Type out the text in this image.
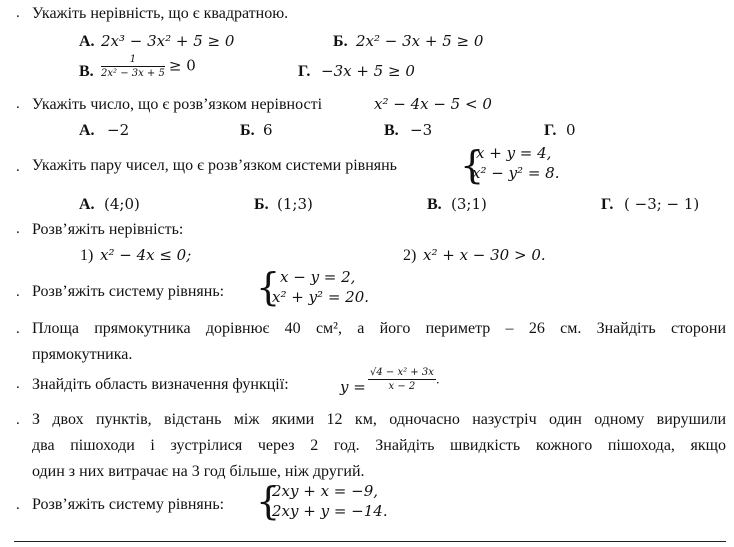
. Укажіть нерівність, що є квадратною.
А. 2x³ − 3x² + 5 ≥ 0	Б. 2x² − 3x + 5 ≥ 0
В. $\frac{1}{\text{2x² − 3x + 5}} \ge 0$	Г. −3x + 5 ≥ 0
. Укажіть число, що є розв’язком нерівності	x² − 4x − 5 < 0
А. −2	Б. 6	В. −3	Г. 0
. Укажіть пару чисел, що є розв’язком системи рівнянь {
x + y = 4,
x² − y² = 8.
А. (4;0)	Б. (1;3)	В. (3;1)	Г. ( −3; − 1)
. Розв’яжіть нерівність:
1) x² − 4x ≤ 0;	2) x² + x − 30 > 0.
. Розв’яжіть систему рівнянь: { x − y = 2,
x² + y² = 20.
. Площа прямокутника дорівнює 40 см², а його периметр – 26 см. Знайдіть сторони
прямокутника.
. Знайдіть область визначення функції:	$y = \frac{\text{√4 − x² + 3x}}{x - 2}$ .
. З двох пунктів, відстань між якими 12 км, одночасно назустріч один одному вирушили
два пішоходи і зустрілися через 2 год. Знайдіть швидкість кожного пішохода, якщо
один з них витрачає на 3 год більше, ніж другий.
. Розв’яжіть систему рівнянь: {
2xy + x = −9,
2xy + y = −14.
